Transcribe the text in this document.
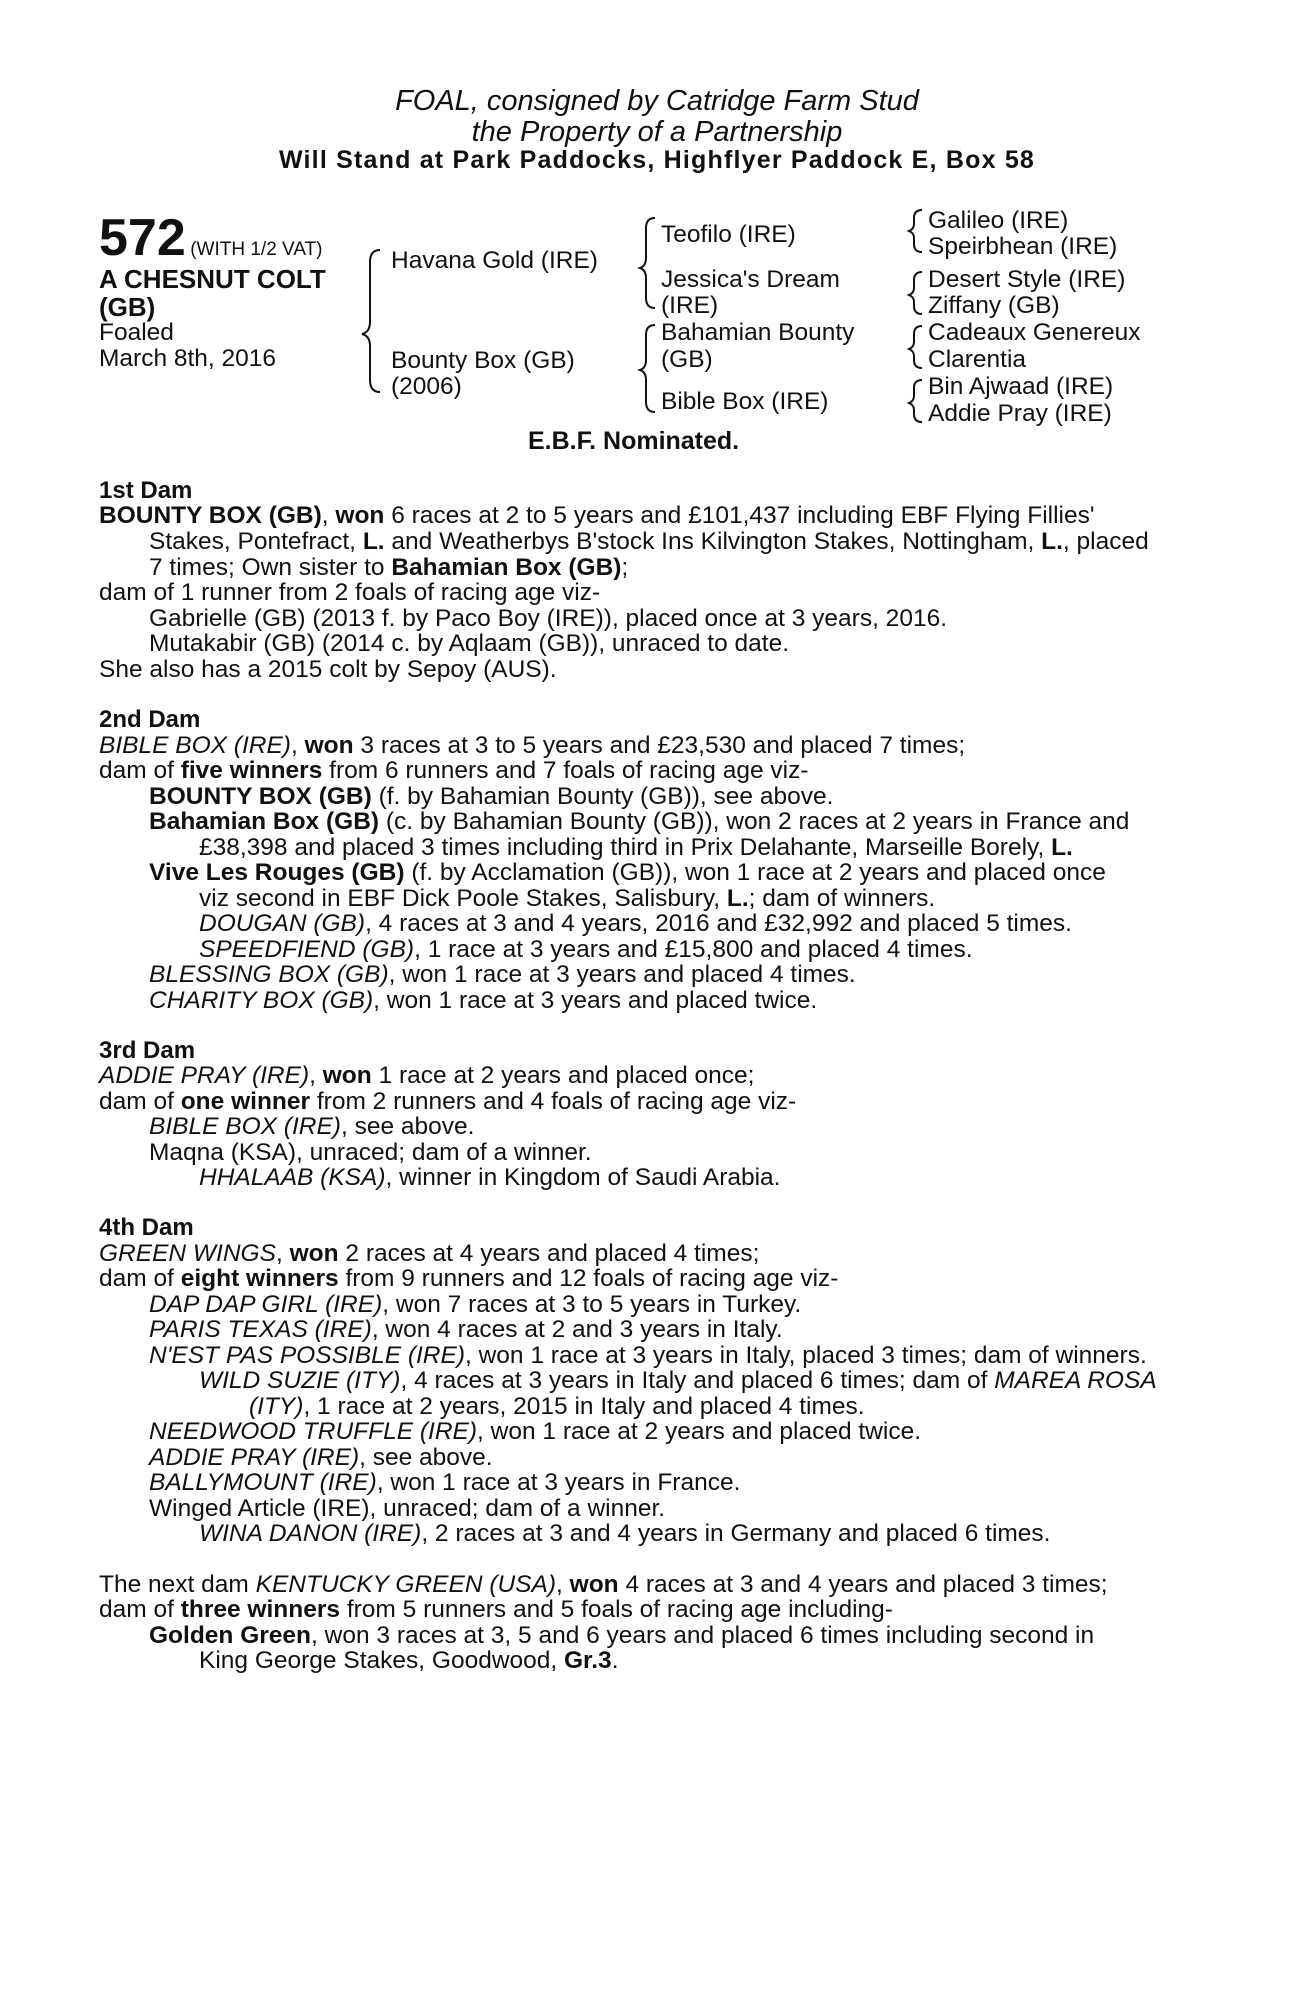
FOAL, consigned by Catridge Farm Stud
the Property of a Partnership
Will Stand at Park Paddocks, Highflyer Paddock E, Box 58
572 (WITH 1/2 VAT)
A CHESNUT COLT
(GB)
Foaled
March 8th, 2016
Havana Gold (IRE)
Bounty Box (GB)
(2006)
Teofilo (IRE)
Jessica's Dream
(IRE)
Bahamian Bounty
(GB)
Bible Box (IRE)
Galileo (IRE)
Speirbhean (IRE)
Desert Style (IRE)
Ziffany (GB)
Cadeaux Genereux
Clarentia
Bin Ajwaad (IRE)
Addie Pray (IRE)
E.B.F. Nominated.
1st Dam
BOUNTY BOX (GB), won 6 races at 2 to 5 years and £101,437 including EBF Flying Fillies'
Stakes, Pontefract, L. and Weatherbys B'stock Ins Kilvington Stakes, Nottingham, L., placed
7 times; Own sister to Bahamian Box (GB);
dam of 1 runner from 2 foals of racing age viz-
Gabrielle (GB) (2013 f. by Paco Boy (IRE)), placed once at 3 years, 2016.
Mutakabir (GB) (2014 c. by Aqlaam (GB)), unraced to date.
She also has a 2015 colt by Sepoy (AUS).
2nd Dam
BIBLE BOX (IRE), won 3 races at 3 to 5 years and £23,530 and placed 7 times;
dam of five winners from 6 runners and 7 foals of racing age viz-
BOUNTY BOX (GB) (f. by Bahamian Bounty (GB)), see above.
Bahamian Box (GB) (c. by Bahamian Bounty (GB)), won 2 races at 2 years in France and
£38,398 and placed 3 times including third in Prix Delahante, Marseille Borely, L.
Vive Les Rouges (GB) (f. by Acclamation (GB)), won 1 race at 2 years and placed once
viz second in EBF Dick Poole Stakes, Salisbury, L.; dam of winners.
DOUGAN (GB), 4 races at 3 and 4 years, 2016 and £32,992 and placed 5 times.
SPEEDFIEND (GB), 1 race at 3 years and £15,800 and placed 4 times.
BLESSING BOX (GB), won 1 race at 3 years and placed 4 times.
CHARITY BOX (GB), won 1 race at 3 years and placed twice.
3rd Dam
ADDIE PRAY (IRE), won 1 race at 2 years and placed once;
dam of one winner from 2 runners and 4 foals of racing age viz-
BIBLE BOX (IRE), see above.
Maqna (KSA), unraced; dam of a winner.
HHALAAB (KSA), winner in Kingdom of Saudi Arabia.
4th Dam
GREEN WINGS, won 2 races at 4 years and placed 4 times;
dam of eight winners from 9 runners and 12 foals of racing age viz-
DAP DAP GIRL (IRE), won 7 races at 3 to 5 years in Turkey.
PARIS TEXAS (IRE), won 4 races at 2 and 3 years in Italy.
N'EST PAS POSSIBLE (IRE), won 1 race at 3 years in Italy, placed 3 times; dam of winners.
WILD SUZIE (ITY), 4 races at 3 years in Italy and placed 6 times; dam of MAREA ROSA
(ITY), 1 race at 2 years, 2015 in Italy and placed 4 times.
NEEDWOOD TRUFFLE (IRE), won 1 race at 2 years and placed twice.
ADDIE PRAY (IRE), see above.
BALLYMOUNT (IRE), won 1 race at 3 years in France.
Winged Article (IRE), unraced; dam of a winner.
WINA DANON (IRE), 2 races at 3 and 4 years in Germany and placed 6 times.
The next dam KENTUCKY GREEN (USA), won 4 races at 3 and 4 years and placed 3 times;
dam of three winners from 5 runners and 5 foals of racing age including-
Golden Green, won 3 races at 3, 5 and 6 years and placed 6 times including second in
King George Stakes, Goodwood, Gr.3.
